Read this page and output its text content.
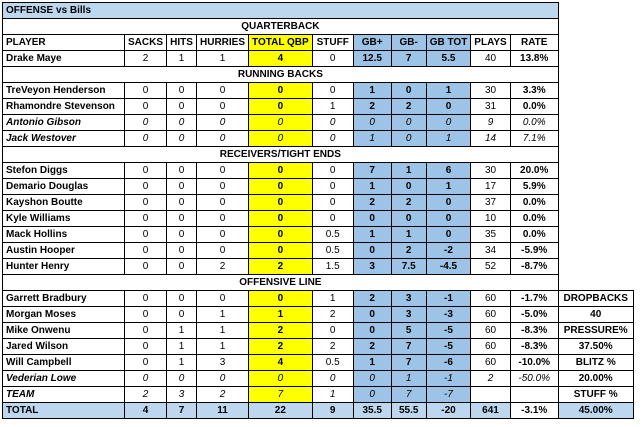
OFFENSE vs Bills											
QUARTERBACK											
PLAYER	SACKS	HITS	HURRIES	TOTAL QBP	STUFF	GB+	GB-	GB TOT	PLAYS	RATE	
Drake Maye	2	1	1	4	0	12.5	7	5.5	40	13.8%	
RUNNING BACKS											
TreVeyon Henderson	0	0	0	0	0	1	0	1	30	3.3%	
Rhamondre Stevenson	0	0	0	0	1	2	2	0	31	0.0%	
Antonio Gibson	0	0	0	0	0	0	0	0	9	0.0%	
Jack Westover	0	0	0	0	0	1	0	1	14	7.1%	
RECEIVERS/TIGHT ENDS											
Stefon Diggs	0	0	0	0	0	7	1	6	30	20.0%	
Demario Douglas	0	0	0	0	0	1	0	1	17	5.9%	
Kayshon Boutte	0	0	0	0	0	2	2	0	37	0.0%	
Kyle Williams	0	0	0	0	0	0	0	0	10	0.0%	
Mack Hollins	0	0	0	0	0.5	1	1	0	35	0.0%	
Austin Hooper	0	0	0	0	0.5	0	2	-2	34	-5.9%	
Hunter Henry	0	0	2	2	1.5	3	7.5	-4.5	52	-8.7%	
OFFENSIVE LINE											
Garrett Bradbury	0	0	0	0	1	2	3	-1	60	-1.7%	DROPBACKS
Morgan Moses	0	0	1	1	2	0	3	-3	60	-5.0%	40
Mike Onwenu	0	1	1	2	0	0	5	-5	60	-8.3%	PRESSURE%
Jared Wilson	0	1	1	2	2	2	7	-5	60	-8.3%	37.50%
Will Campbell	0	1	3	4	0.5	1	7	-6	60	-10.0%	BLITZ %
Vederian Lowe	0	0	0	0	0	0	1	-1	2	-50.0%	20.00%
TEAM	2	3	2	7	1	0	7	-7			STUFF %
TOTAL	4	7	11	22	9	35.5	55.5	-20	641	-3.1%	45.00%
